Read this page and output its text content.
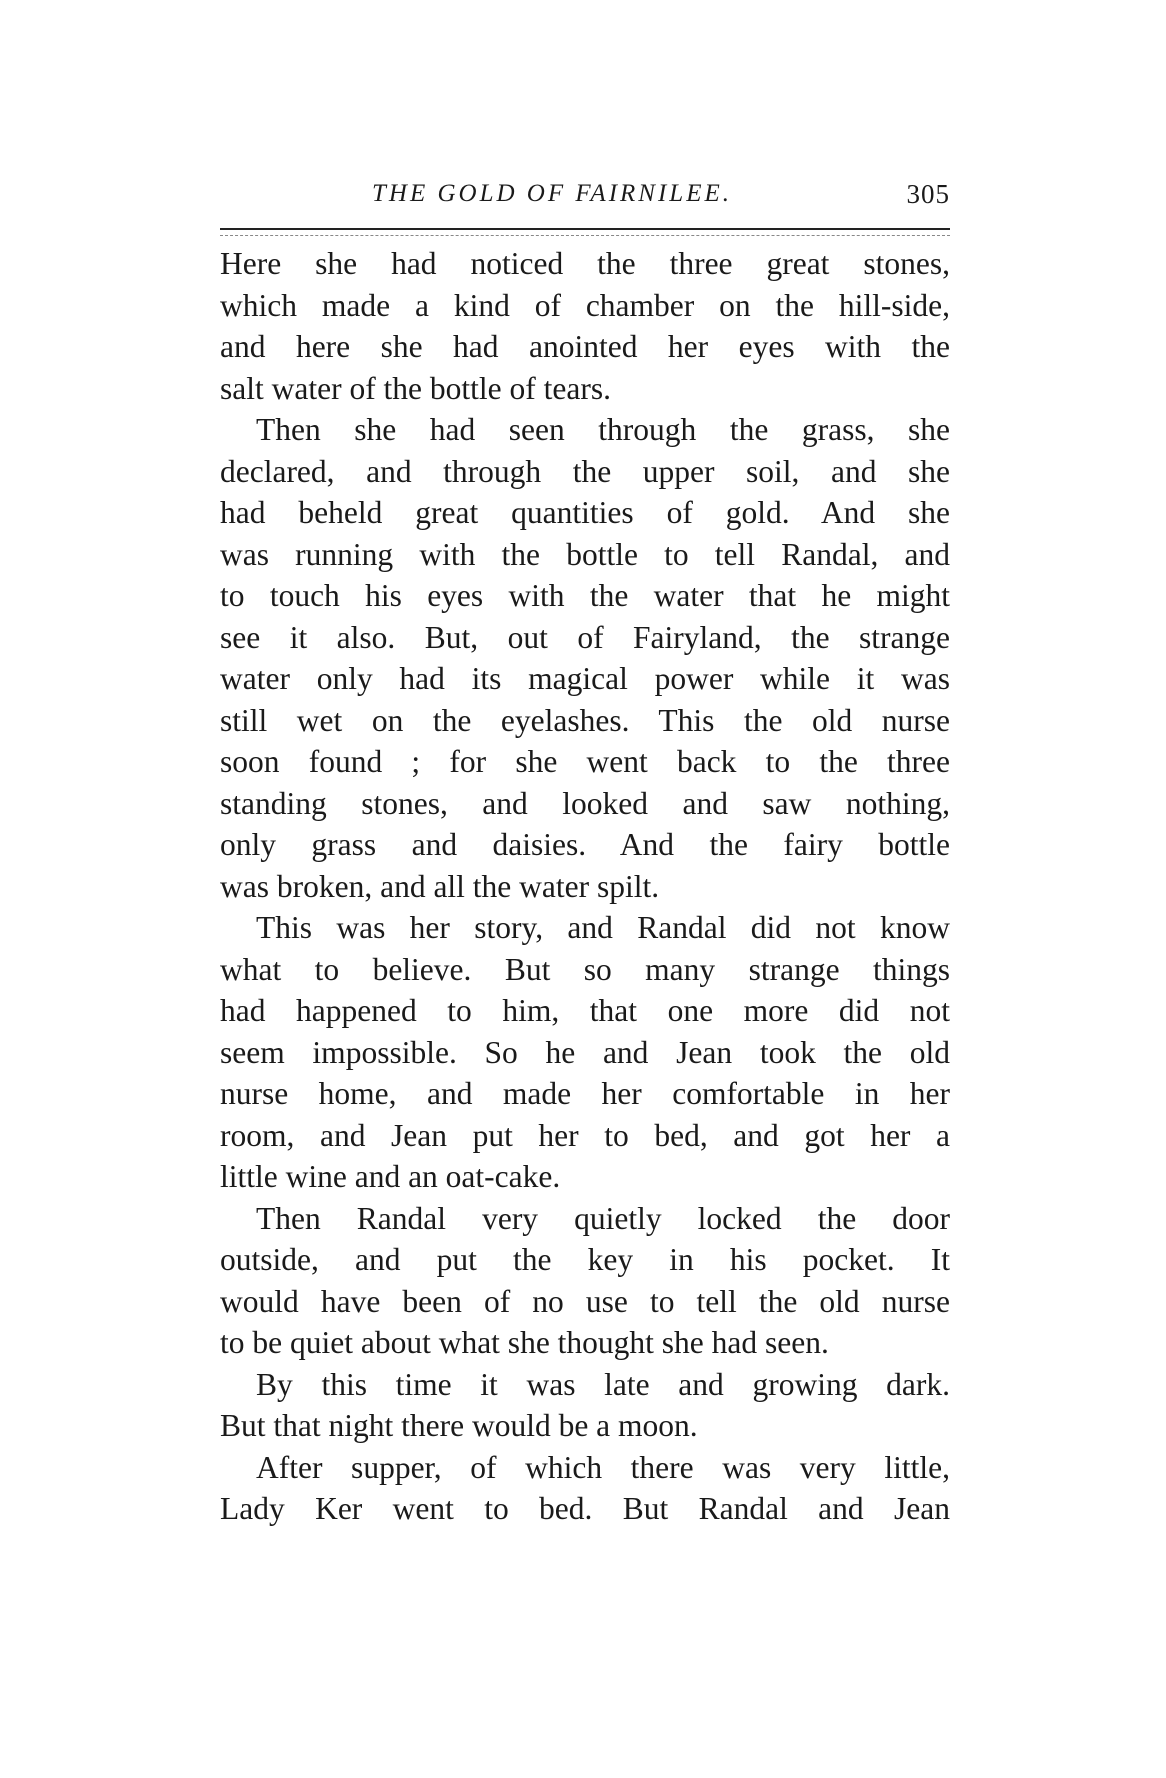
THE GOLD OF FAIRNILEE.	305
Here she had noticed the three great stones,
which made a kind of chamber on the hill-side,
and here she had anointed her eyes with the
salt water of the bottle of tears.
Then she had seen through the grass, she
declared, and through the upper soil, and she
had beheld great quantities of gold. And she
was running with the bottle to tell Randal, and
to touch his eyes with the water that he might
see it also. But, out of Fairyland, the strange
water only had its magical power while it was
still wet on the eyelashes. This the old nurse
soon found ; for she went back to the three
standing stones, and looked and saw nothing,
only grass and daisies. And the fairy bottle
was broken, and all the water spilt.
This was her story, and Randal did not know
what to believe. But so many strange things
had happened to him, that one more did not
seem impossible. So he and Jean took the old
nurse home, and made her comfortable in her
room, and Jean put her to bed, and got her a
little wine and an oat-cake.
Then Randal very quietly locked the door
outside, and put the key in his pocket. It
would have been of no use to tell the old nurse
to be quiet about what she thought she had seen.
By this time it was late and growing dark.
But that night there would be a moon.
After supper, of which there was very little,
Lady Ker went to bed. But Randal and Jean
